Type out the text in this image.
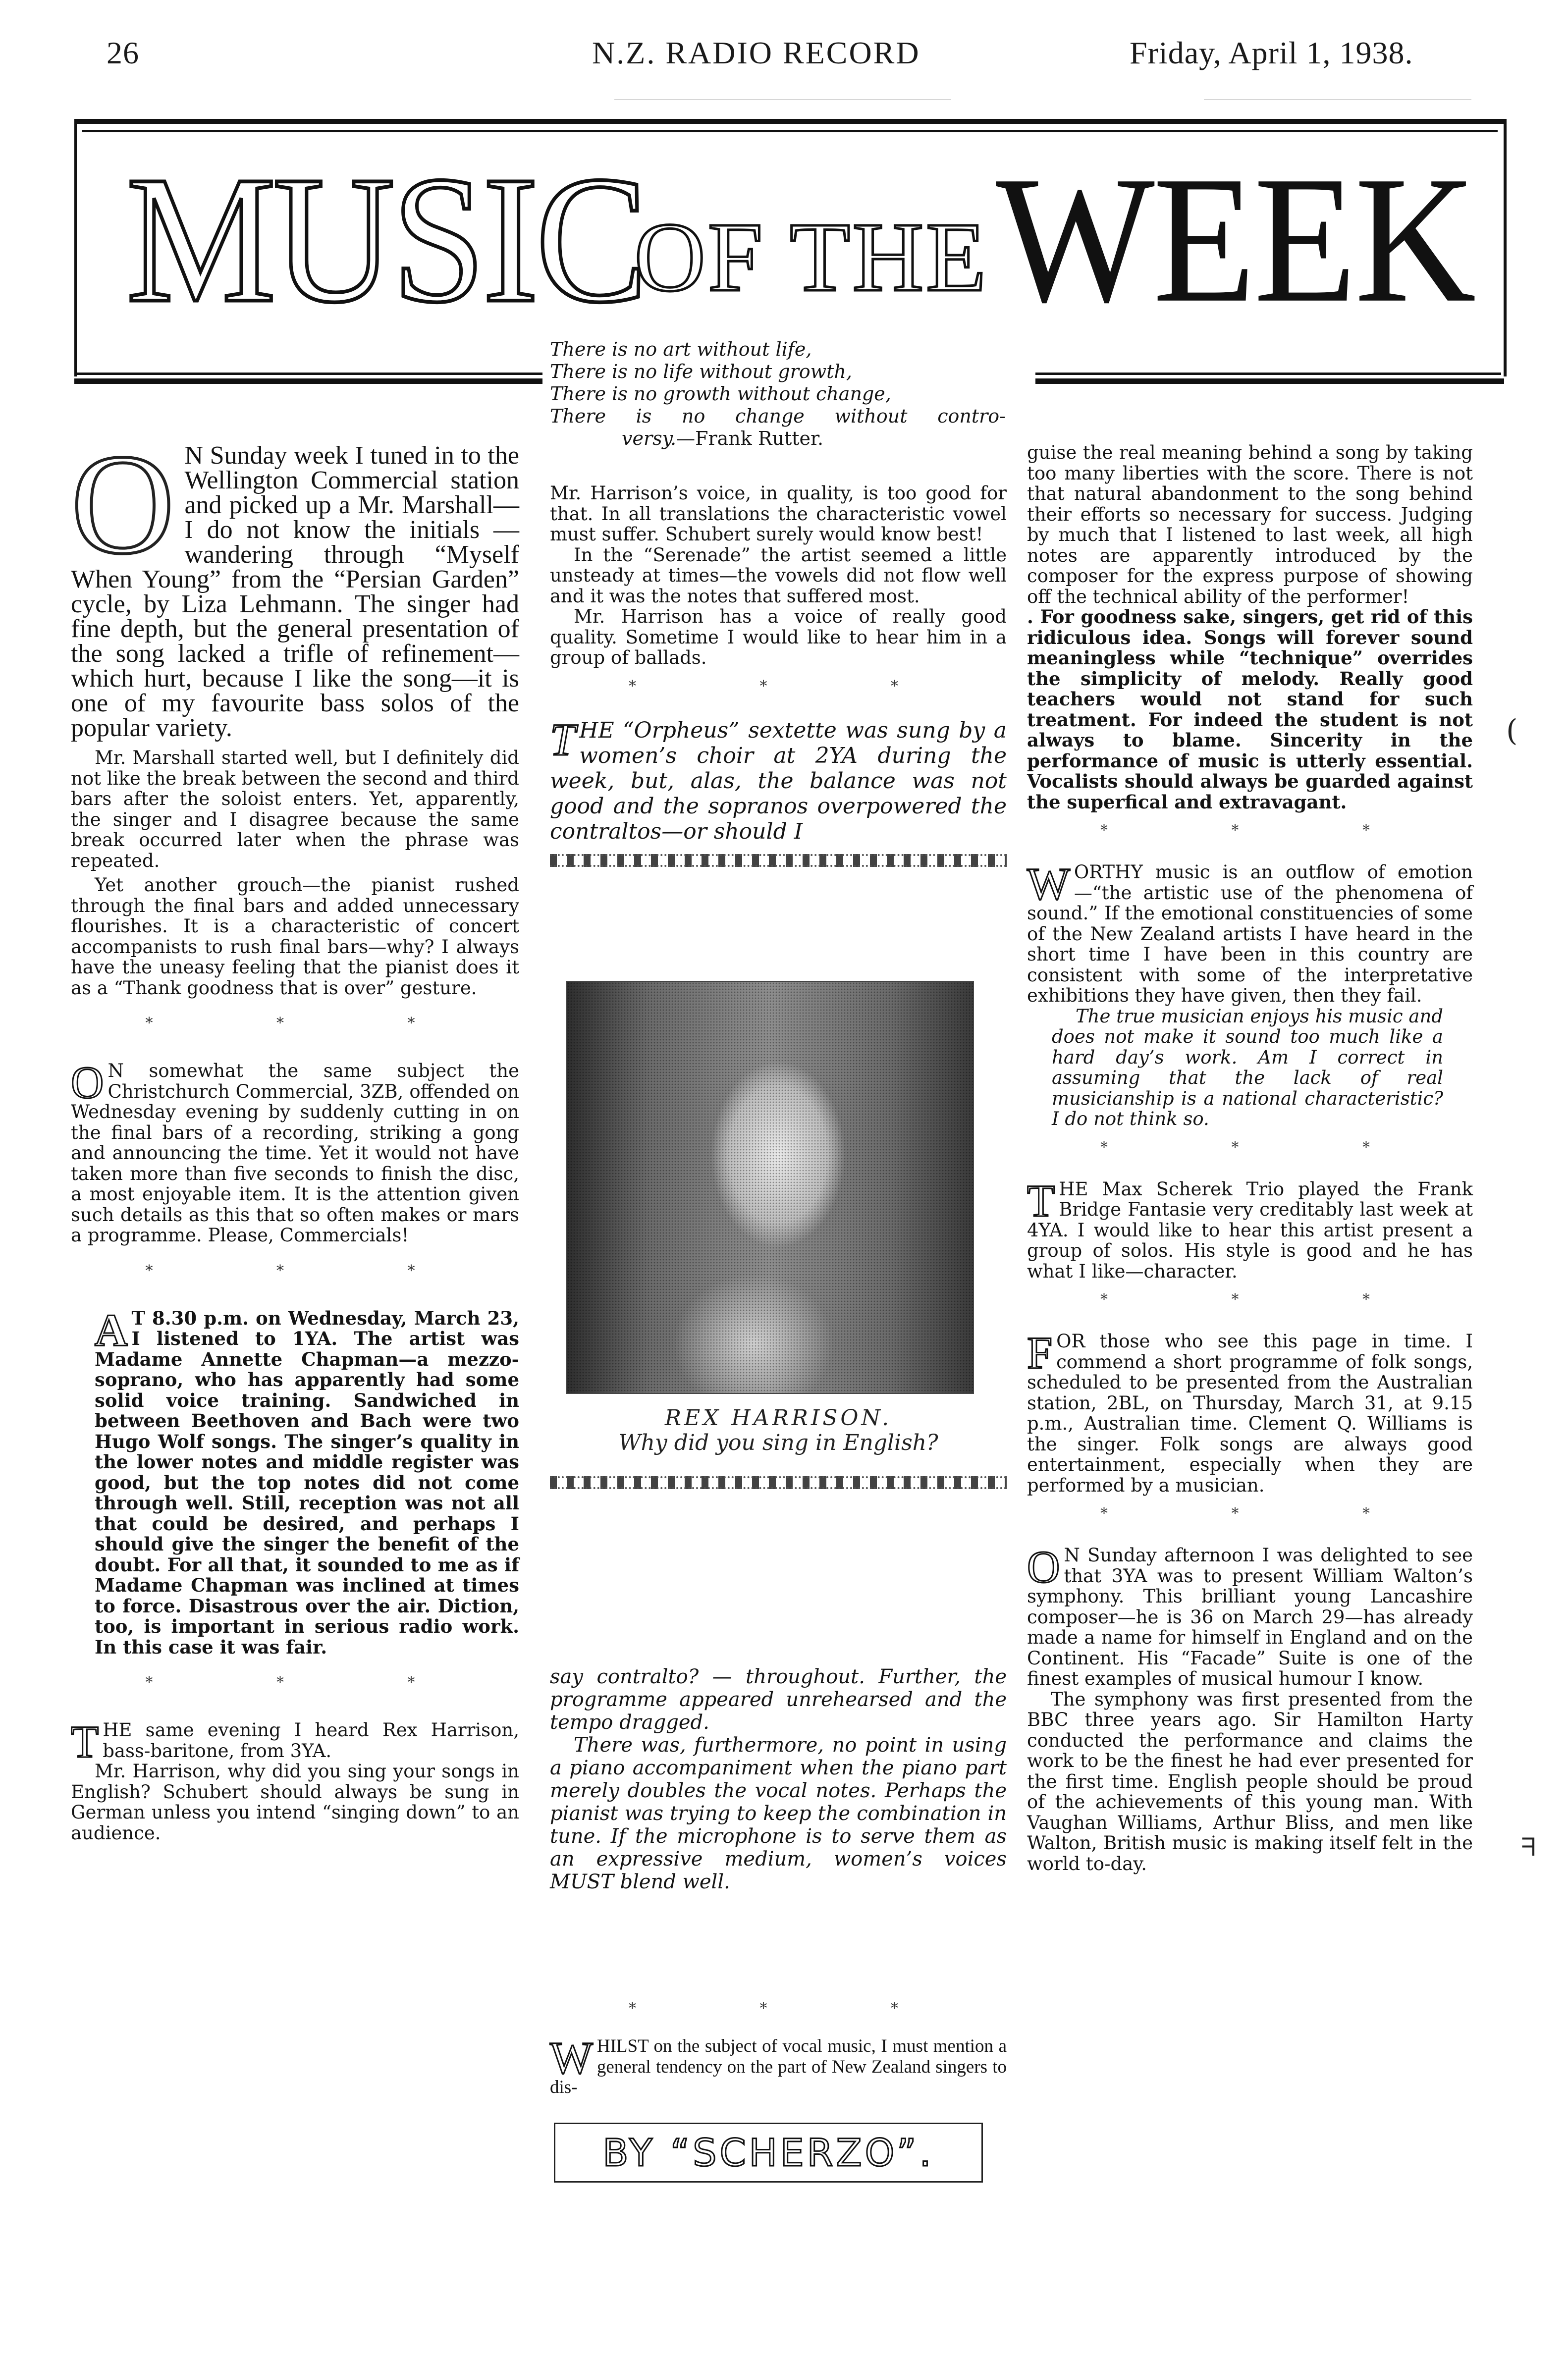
26	N.Z. RADIO RECORD	Friday, April 1, 1938.
MUSIC
OF THE WEEK
There is no art without life,
There is no life without growth,
There is no growth without change,
There is no change without contro-
versy.—Frank Rutter.
O N Sunday week I tuned in to the Wellington Commercial station and picked up a Mr. Marshall—I do not know the initials — wandering through “Myself When Young” from the “Persian Garden” cycle, by Liza Lehmann. The singer had fine depth, but the general presentation of the song lacked a trifle of refinement—which hurt, because I like the song—it is one of my favourite bass solos of the popular variety.

Mr. Marshall started well, but I definitely did not like the break between the second and third bars after the soloist enters. Yet, apparently, the singer and I disagree because the same break occurred later when the phrase was repeated.

Yet another grouch—the pianist rushed through the final bars and added unnecessary flourishes. It is a characteristic of concert accompanists to rush final bars—why? I always have the uneasy feeling that the pianist does it as a “Thank goodness that is over” gesture.

* * *

O N somewhat the same subject the Christchurch Commercial, 3ZB, offended on Wednesday evening by suddenly cutting in on the final bars of a recording, striking a gong and announcing the time. Yet it would not have taken more than five seconds to finish the disc, a most enjoyable item. It is the attention given such details as this that so often makes or mars a programme. Please, Commercials!

* * *

A T 8.30 p.m. on Wednesday, March 23, I listened to 1YA. The artist was Madame Annette Chapman—a mezzo-soprano, who has apparently had some solid voice training. Sandwiched in between Beethoven and Bach were two Hugo Wolf songs. The singer’s quality in the lower notes and middle register was good, but the top notes did not come through well. Still, reception was not all that could be desired, and perhaps I should give the singer the benefit of the doubt. For all that, it sounded to me as if Madame Chapman was inclined at times to force. Disastrous over the air. Diction, too, is important in serious radio work. In this case it was fair.

* * *

THE same evening I heard Rex Harrison, bass-baritone, from 3YA.

Mr. Harrison, why did you sing your songs in English? Schubert should always be sung in German unless you intend “singing down” to an audience.

Mr. Harrison’s voice, in quality, is too good for that. In all translations the characteristic vowel must suffer. Schubert surely would know best!

In the “Serenade” the artist seemed a little unsteady at times—the vowels did not flow well and it was the notes that suffered most.

Mr. Harrison has a voice of really good quality. Sometime I would like to hear him in a group of ballads.

* * *

THE “Orpheus” sextette was sung by a women’s choir at 2YA during the week, but, alas, the balance was not good and the sopranos overpowered the contraltos—or should I

REX HARRISON.
Why did you sing in English?

say contralto? — throughout. Further, the programme appeared unrehearsed and the tempo dragged.

There was, furthermore, no point in using a piano accompaniment when the piano part merely doubles the vocal notes. Perhaps the pianist was trying to keep the combination in tune. If the microphone is to serve them as an expressive medium, women’s voices MUST blend well.

* * *

WHILST on the subject of vocal music, I must mention a general tendency on the part of New Zealand singers to dis-

BY “SCHERZO”.

guise the real meaning behind a song by taking too many liberties with the score. There is not that natural abandonment to the song behind their efforts so necessary for success. Judging by much that I listened to last week, all high notes are apparently introduced by the composer for the express purpose of showing off the technical ability of the performer!

. For goodness sake, singers, get rid of this ridiculous idea. Songs will forever sound meaningless while “technique” overrides the simplicity of melody. Really good teachers would not stand for such treatment. For indeed the student is not always to blame. Sincerity in the performance of music is utterly essential. Vocalists should always be guarded against the superfical and extravagant.

* * *

WORTHY music is an outflow of emotion—“the artistic use of the phenomena of sound.” If the emotional constituencies of some of the New Zealand artists I have heard in the short time I have been in this country are consistent with some of the interpretative exhibitions they have given, then they fail.

The true musician enjoys his music and does not make it sound too much like a hard day’s work. Am I correct in assuming that the lack of real musicianship is a national characteristic? I do not think so.

* * *

THE Max Scherek Trio played the Frank Bridge Fantasie very creditably last week at 4YA. I would like to hear this artist present a group of solos. His style is good and he has what I like—character.

* * *

FOR those who see this page in time. I commend a short programme of folk songs, scheduled to be presented from the Australian station, 2BL, on Thursday, March 31, at 9.15 p.m., Australian time. Clement Q. Williams is the singer. Folk songs are always good entertainment, especially when they are performed by a musician.

* * *

O N Sunday afternoon I was delighted to see that 3YA was to present William Walton’s symphony. This brilliant young Lancashire composer—he is 36 on March 29—has already made a name for himself in England and on the Continent. His “Facade” Suite is one of the finest examples of musical humour I know.

The symphony was first presented from the BBC three years ago. Sir Hamilton Harty conducted the performance and claims the work to be the finest he had ever presented for the first time. English people should be proud of the achievements of this young man. With Vaughan Williams, Arthur Bliss, and men like Walton, British music is making itself felt in the world to-day.

(
ᖷ
